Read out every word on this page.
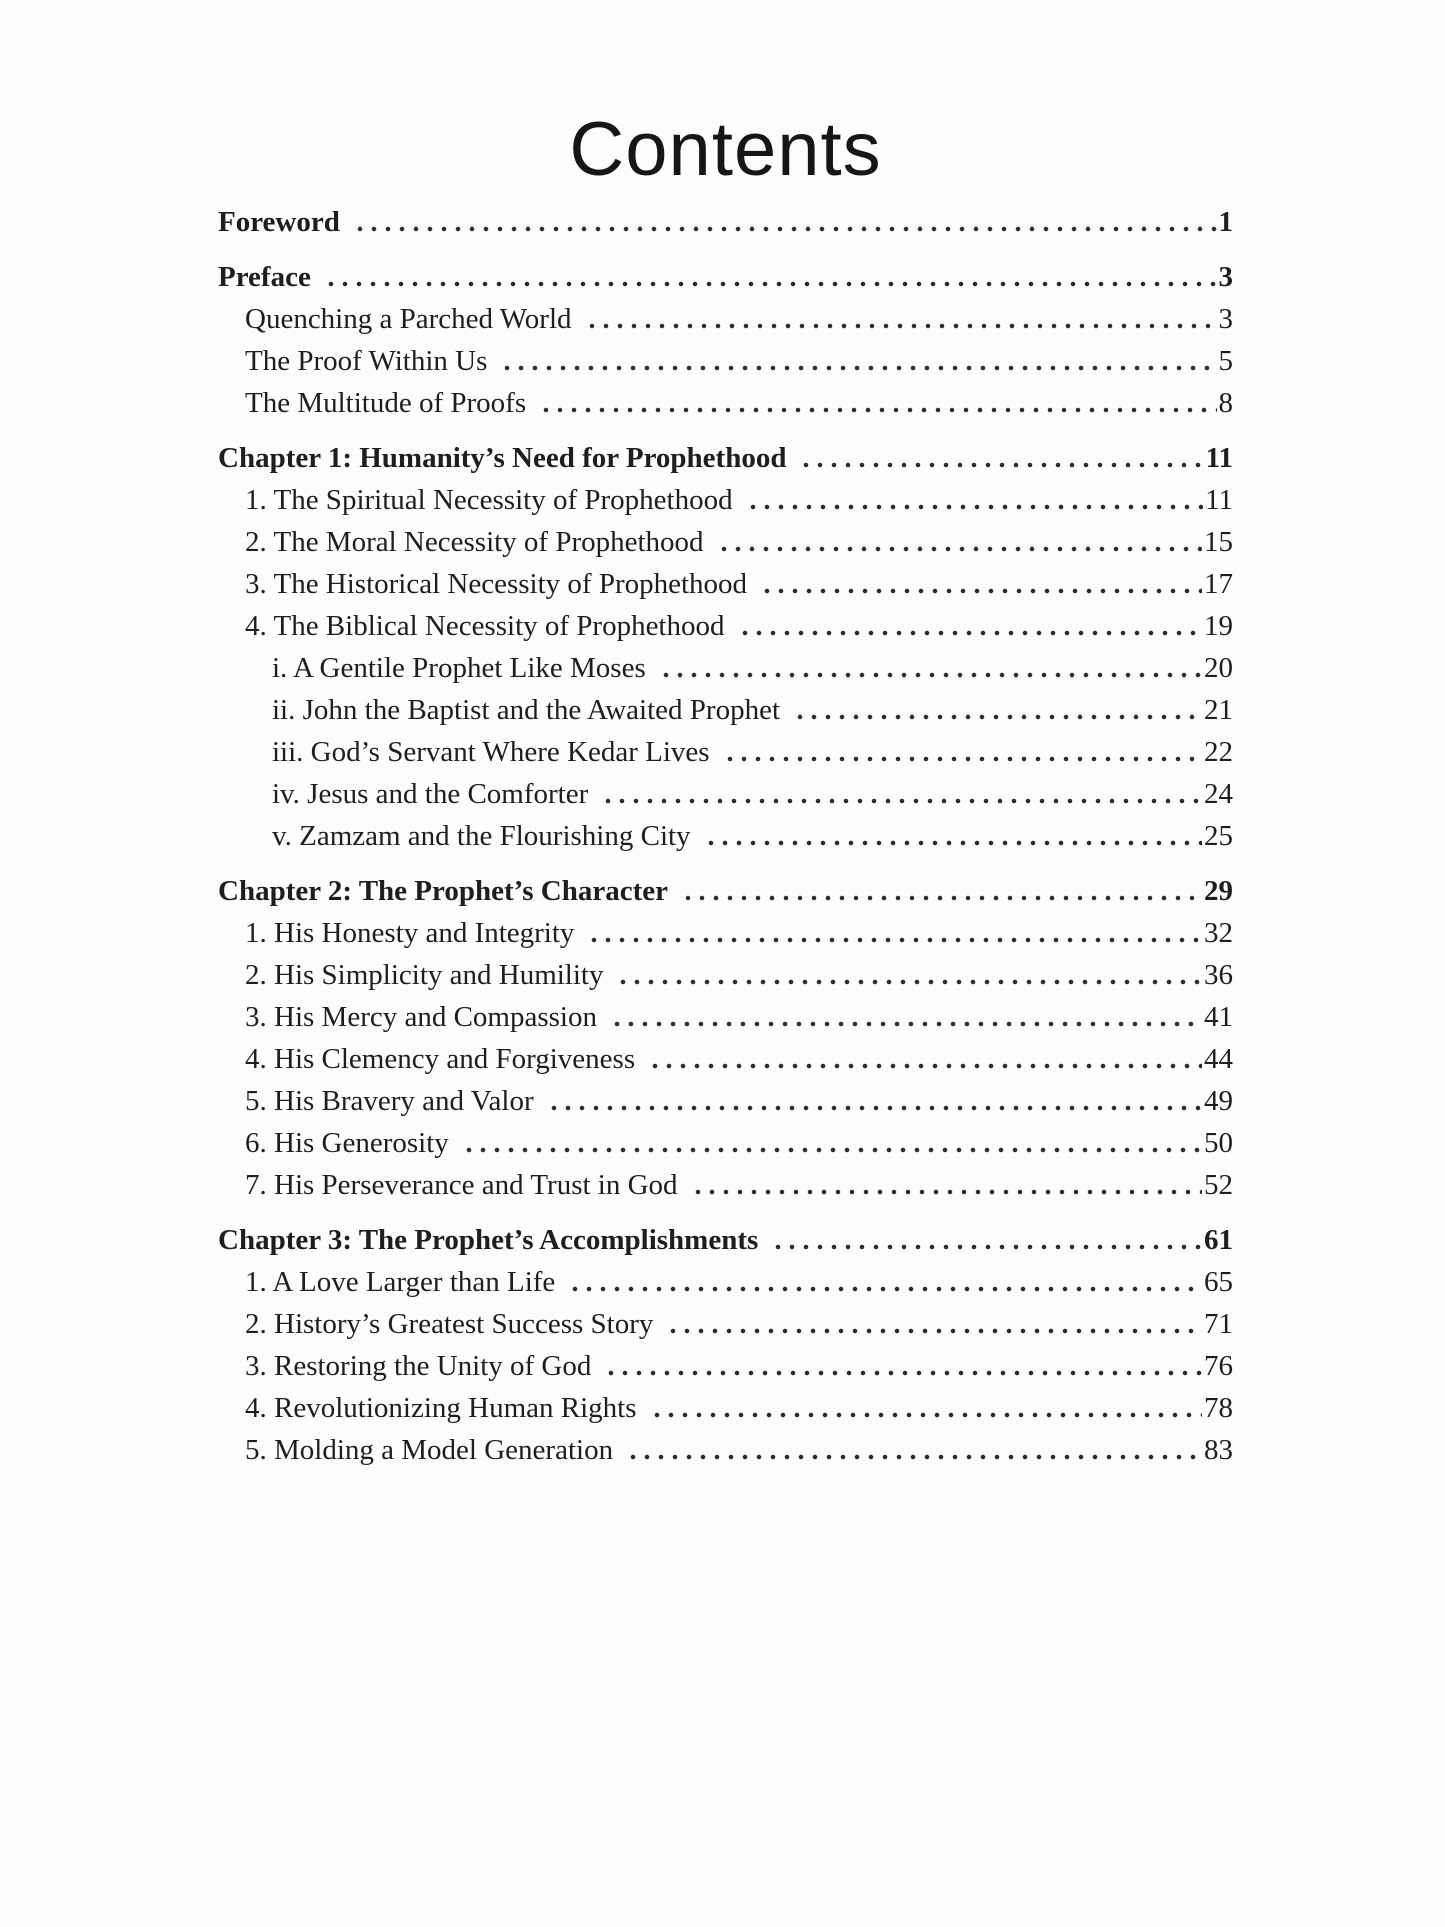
Contents
Foreword	1
Preface	3
Quenching a Parched World	3
The Proof Within Us	5
The Multitude of Proofs	8
Chapter 1: Humanity’s Need for Prophethood	11
1. The Spiritual Necessity of Prophethood	11
2. The Moral Necessity of Prophethood	15
3. The Historical Necessity of Prophethood	17
4. The Biblical Necessity of Prophethood	19
i. A Gentile Prophet Like Moses	20
ii. John the Baptist and the Awaited Prophet	21
iii. God’s Servant Where Kedar Lives	22
iv. Jesus and the Comforter	24
v. Zamzam and the Flourishing City	25
Chapter 2: The Prophet’s Character	29
1. His Honesty and Integrity	32
2. His Simplicity and Humility	36
3. His Mercy and Compassion	41
4. His Clemency and Forgiveness	44
5. His Bravery and Valor	49
6. His Generosity	50
7. His Perseverance and Trust in God	52
Chapter 3: The Prophet’s Accomplishments	61
1. A Love Larger than Life	65
2. History’s Greatest Success Story	71
3. Restoring the Unity of God	76
4. Revolutionizing Human Rights	78
5. Molding a Model Generation	83
